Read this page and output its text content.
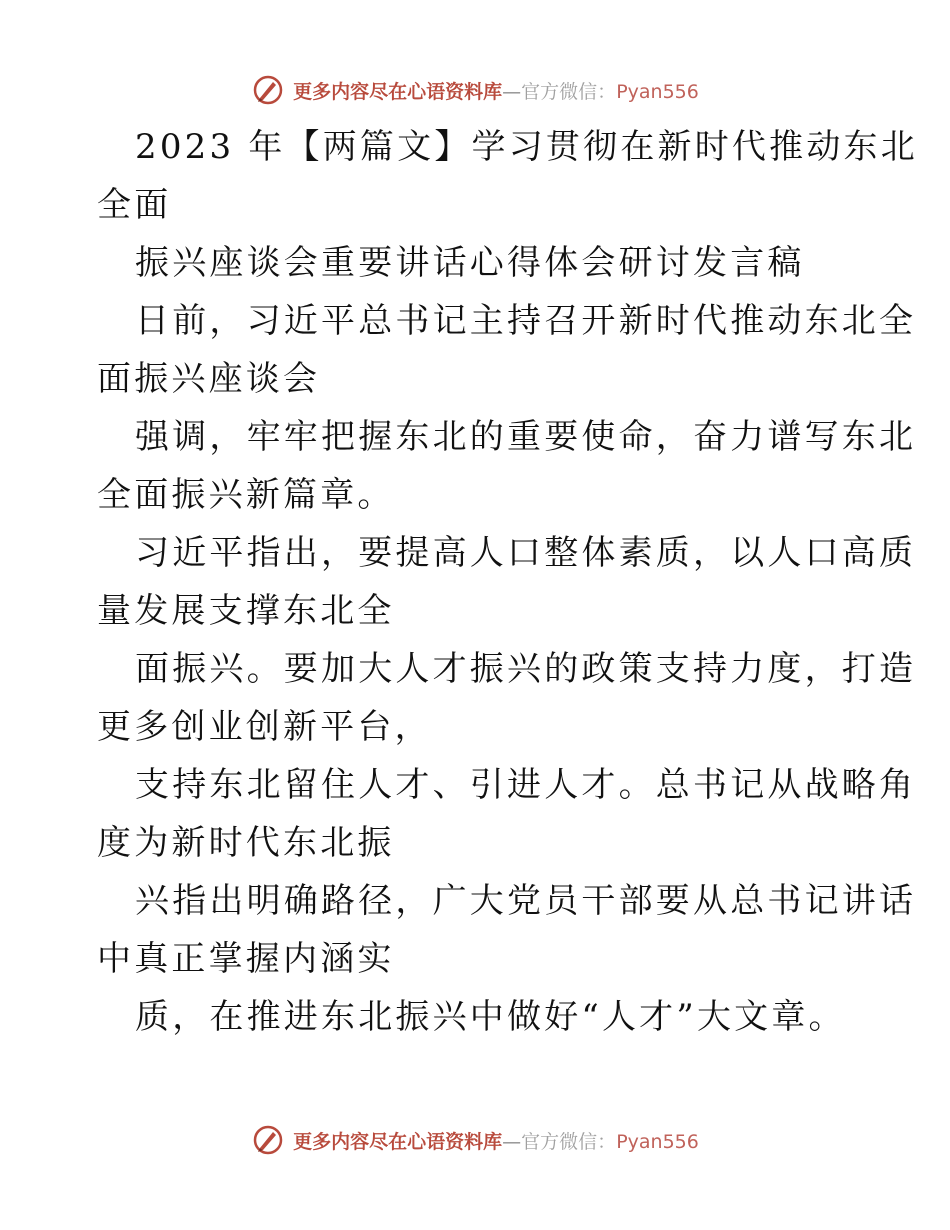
更多内容尽在心语资料库—官方微信：Pyan556
2023 年【两篇文】学习贯彻在新时代推动东北
全面
振兴座谈会重要讲话心得体会研讨发言稿
日前，习近平总书记主持召开新时代推动东北全
面振兴座谈会
强调，牢牢把握东北的重要使命，奋力谱写东北
全面振兴新篇章。
习近平指出，要提高人口整体素质，以人口高质
量发展支撑东北全
面振兴。要加大人才振兴的政策支持力度，打造
更多创业创新平台，
支持东北留住人才、引进人才。总书记从战略角
度为新时代东北振
兴指出明确路径，广大党员干部要从总书记讲话
中真正掌握内涵实
质，在推进东北振兴中做好“人才”大文章。
更多内容尽在心语资料库—官方微信：Pyan556
